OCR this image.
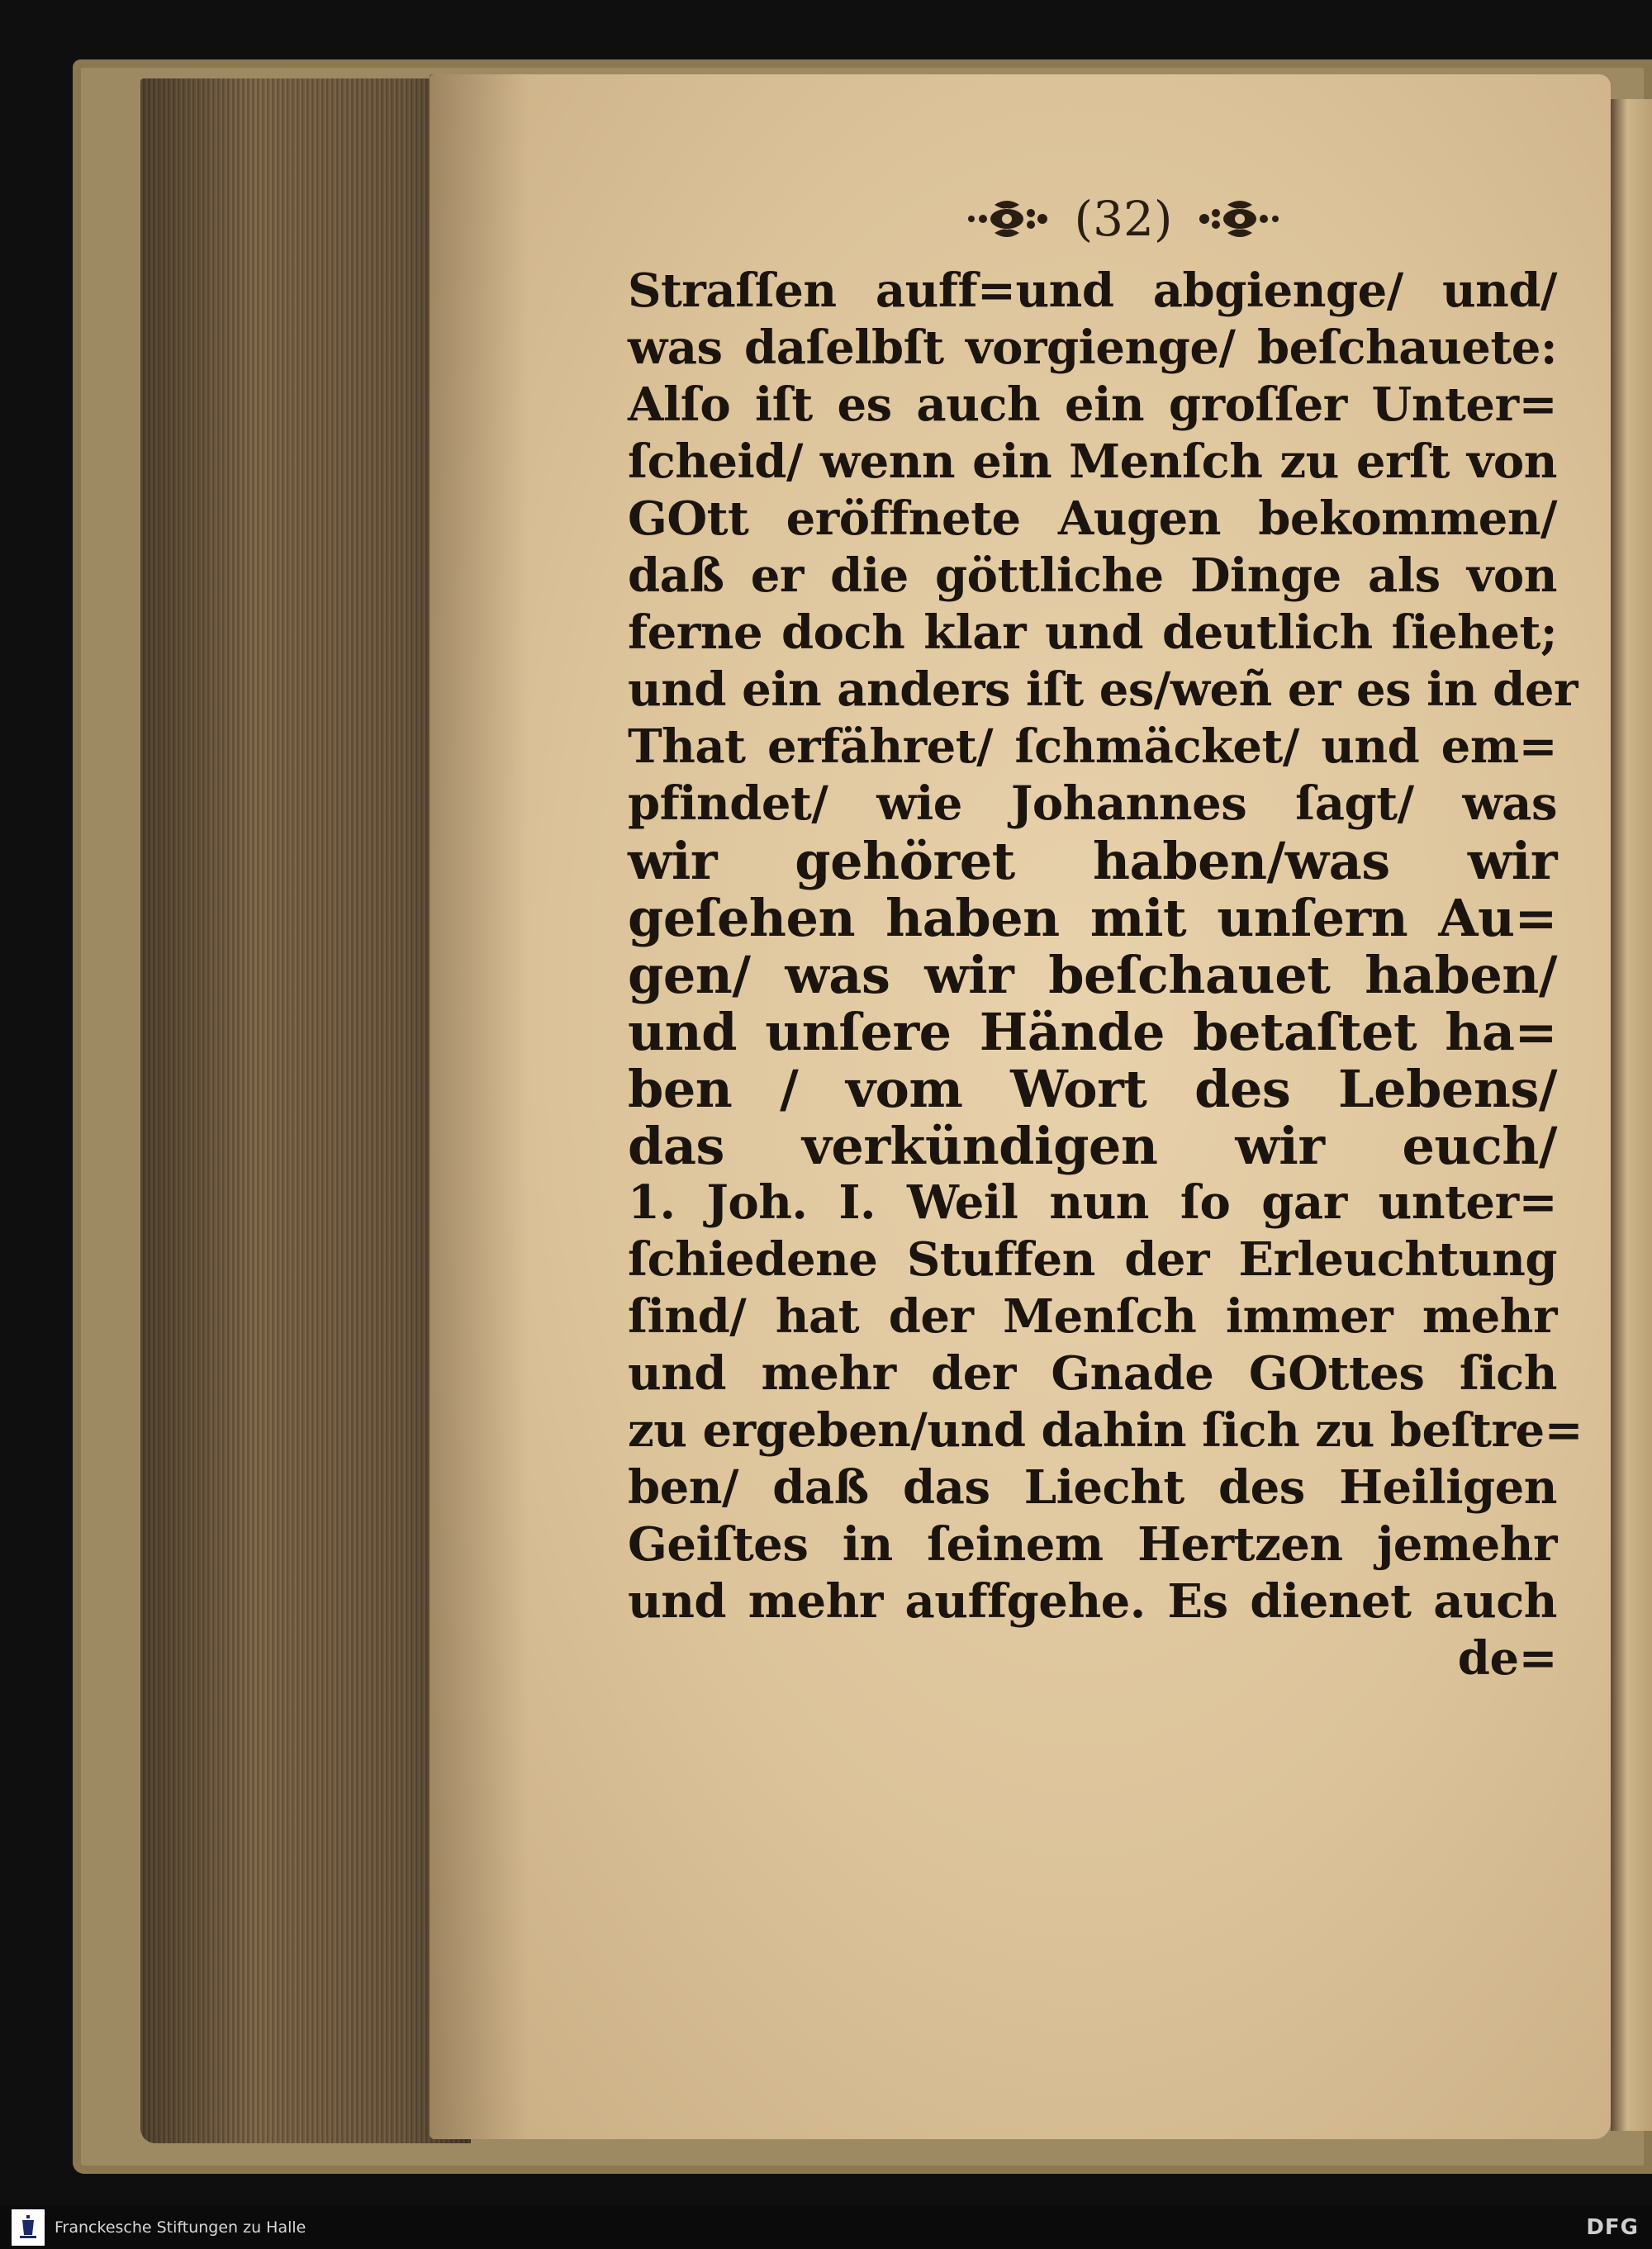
(32)
Straſſen auff=und abgienge/ und/
was daſelbſt vorgienge/ beſchauete:
Alſo iſt es auch ein groſſer Unter=
ſcheid/ wenn ein Menſch zu erſt von
GOtt eröffnete Augen bekommen/
daß er die göttliche Dinge als von
ferne doch klar und deutlich ſiehet;
und ein anders iſt es/weñ er es in der
That erfähret/ ſchmäcket/ und em=
pfindet/ wie Johannes ſagt/ was
wir gehöret haben/was wir
geſehen haben mit unſern Au=
gen/ was wir beſchauet haben/
und unſere Hände betaſtet ha=
ben / vom Wort des Lebens/
das verkündigen wir euch/
1. Joh. I. Weil nun ſo gar unter=
ſchiedene Stuffen der Erleuchtung
ſind/ hat der Menſch immer mehr
und mehr der Gnade GOttes ſich
zu ergeben/und dahin ſich zu beſtre=
ben/ daß das Liecht des Heiligen
Geiſtes in ſeinem Hertzen jemehr
und mehr auffgehe. Es dienet auch
de=
Franckesche Stiftungen zu Halle	DFG
